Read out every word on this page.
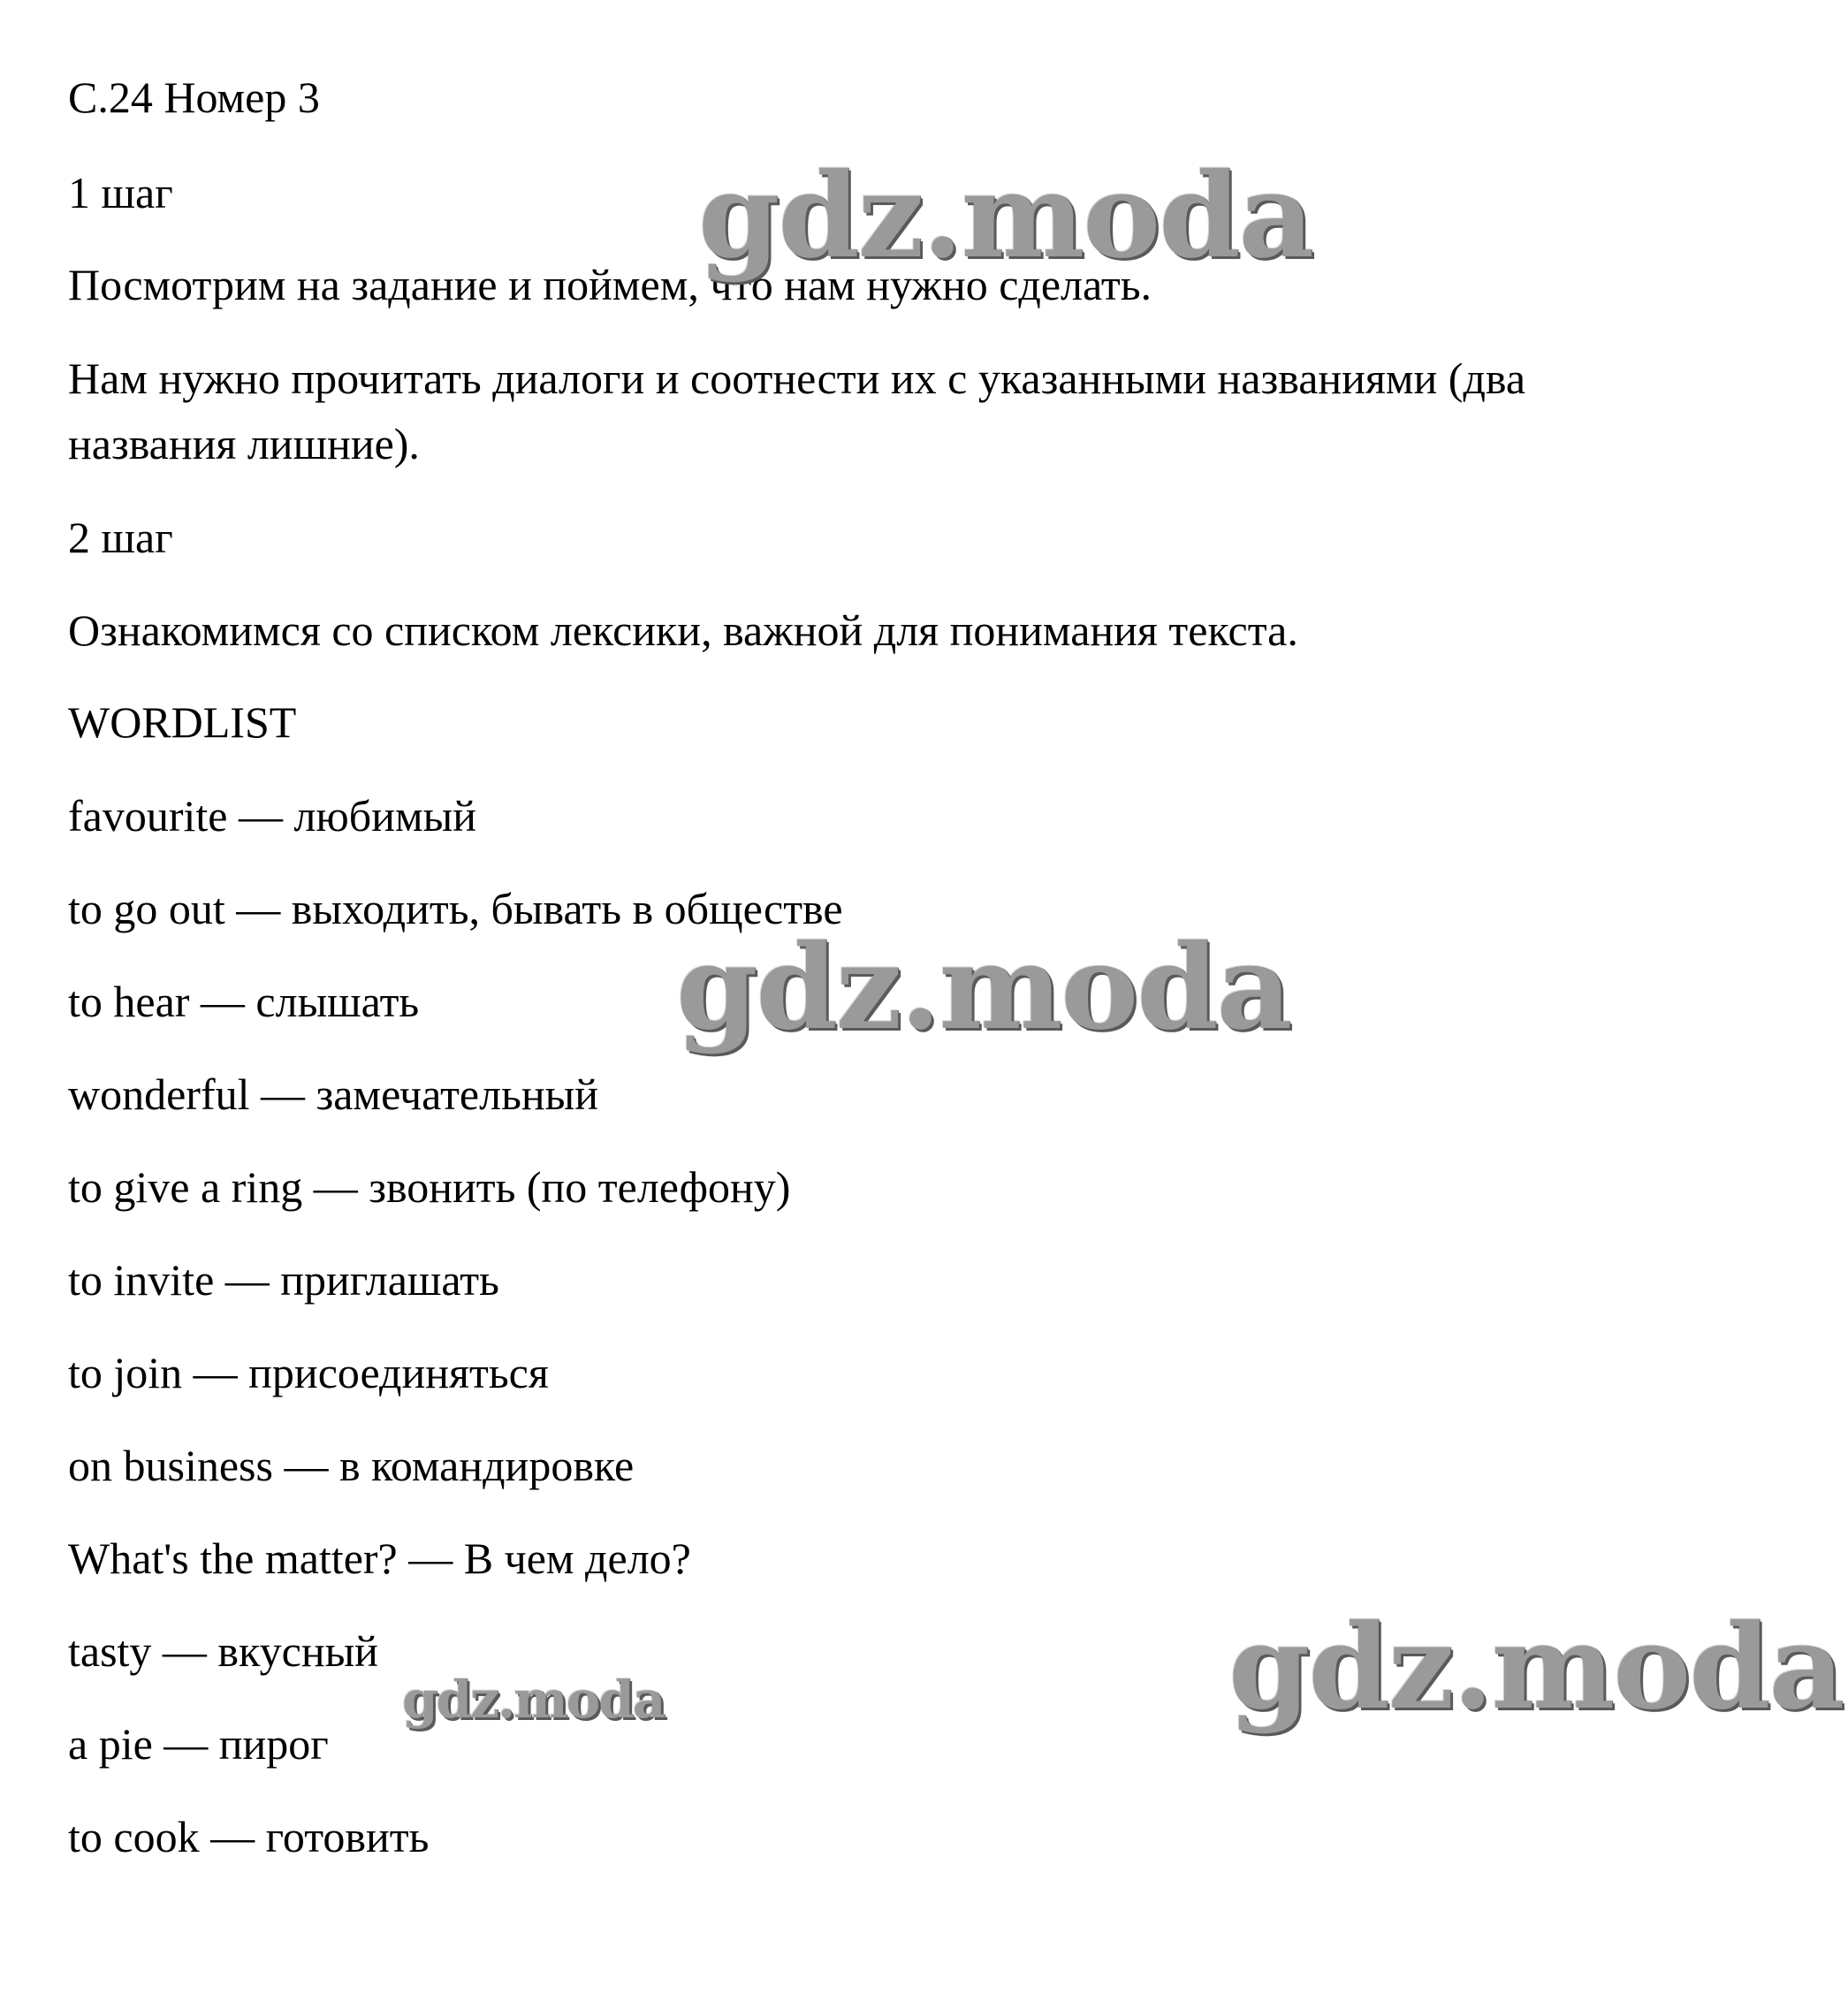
С.24 Номер 3
1 шаг
Посмотрим на задание и поймем, что нам нужно сделать.
Нам нужно прочитать диалоги и соотнести их с указанными названиями (два
названия лишние).
2 шаг
Ознакомимся со списком лексики, важной для понимания текста.
WORDLIST
favourite — любимый
to go out — выходить, бывать в обществе
to hear — слышать
wonderful — замечательный
to give a ring — звонить (по телефону)
to invite — приглашать
to join — присоединяться
on business — в командировке
What's the matter? — В чем дело?
tasty — вкусный
a pie — пирог
to cook — готовить
gdz.moda
gdz.moda
gdz.moda
gdz.moda
